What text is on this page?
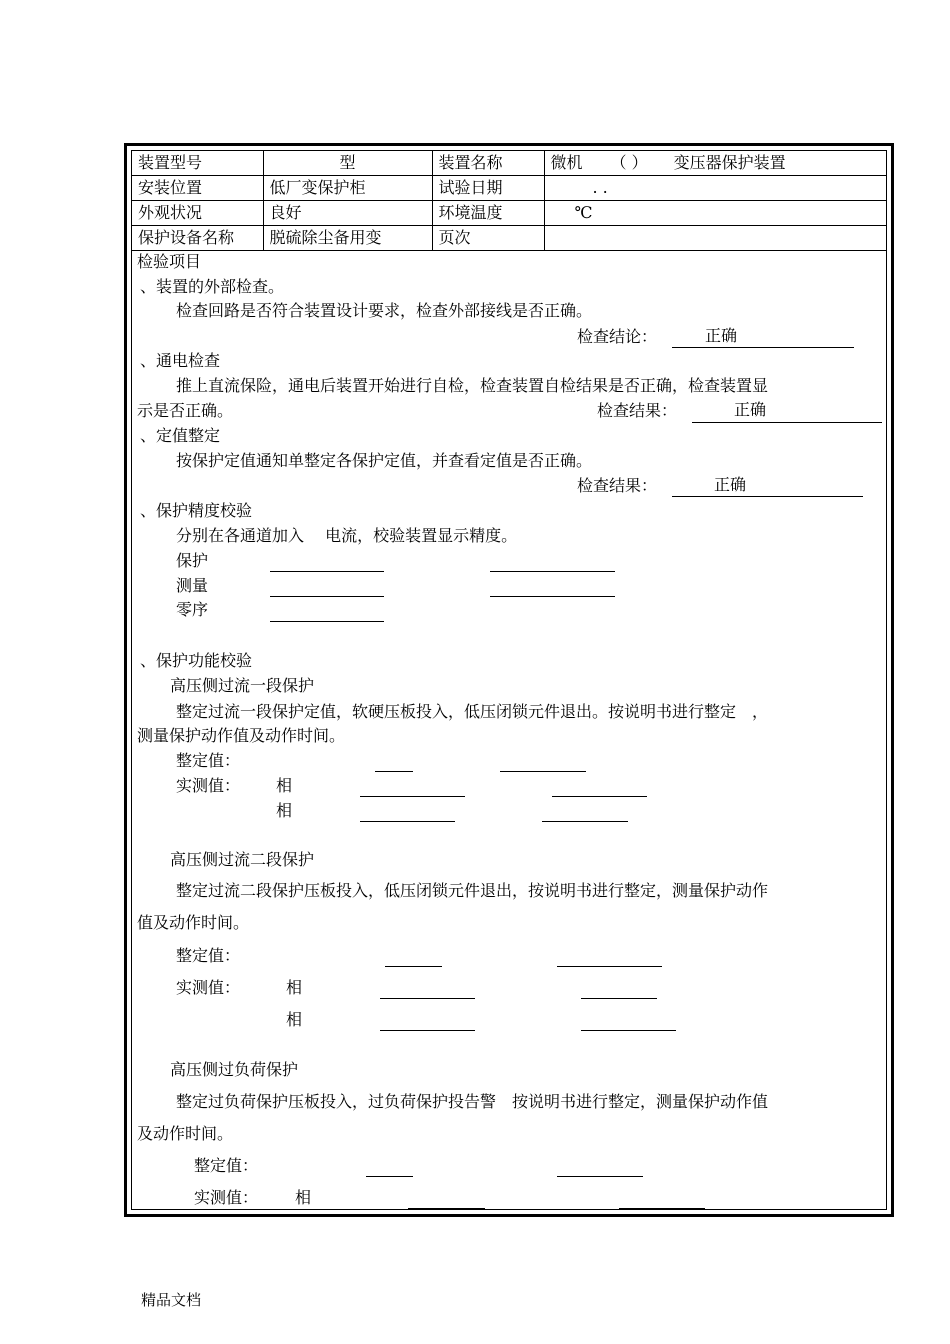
装置型号	型	装置名称	微机 （ ） 变压器保护装置
安装位置	低厂变保护柜	试验日期	. .
外观状况	良好	环境温度	℃
保护设备名称	脱硫除尘备用变	页次	
检验项目
、装置的外部检查。
检查回路是否符合装置设计要求，检查外部接线是否正确。
检查结论：	正确
、通电检查
推上直流保险，通电后装置开始进行自检，检查装置自检结果是否正确，检查装置显
示是否正确。	检查结果：	正确
、定值整定
按保护定值通知单整定各保护定值，并查看定值是否正确。
检查结果：	正确
、保护精度校验
分别在各通道加入　 电流，校验装置显示精度。
保护
测量
零序
、保护功能校验
高压侧过流一段保护
整定过流一段保护定值，软硬压板投入，低压闭锁元件退出。按说明书进行整定　，
测量保护动作值及动作时间。
整定值：
实测值： 相
相
高压侧过流二段保护
整定过流二段保护压板投入，低压闭锁元件退出，按说明书进行整定，测量保护动作
值及动作时间。
整定值：
实测值：	相
相
高压侧过负荷保护
整定过负荷保护压板投入，过负荷保护投告警　按说明书进行整定，测量保护动作值
及动作时间。
整定值：
实测值： 相
精品文档
